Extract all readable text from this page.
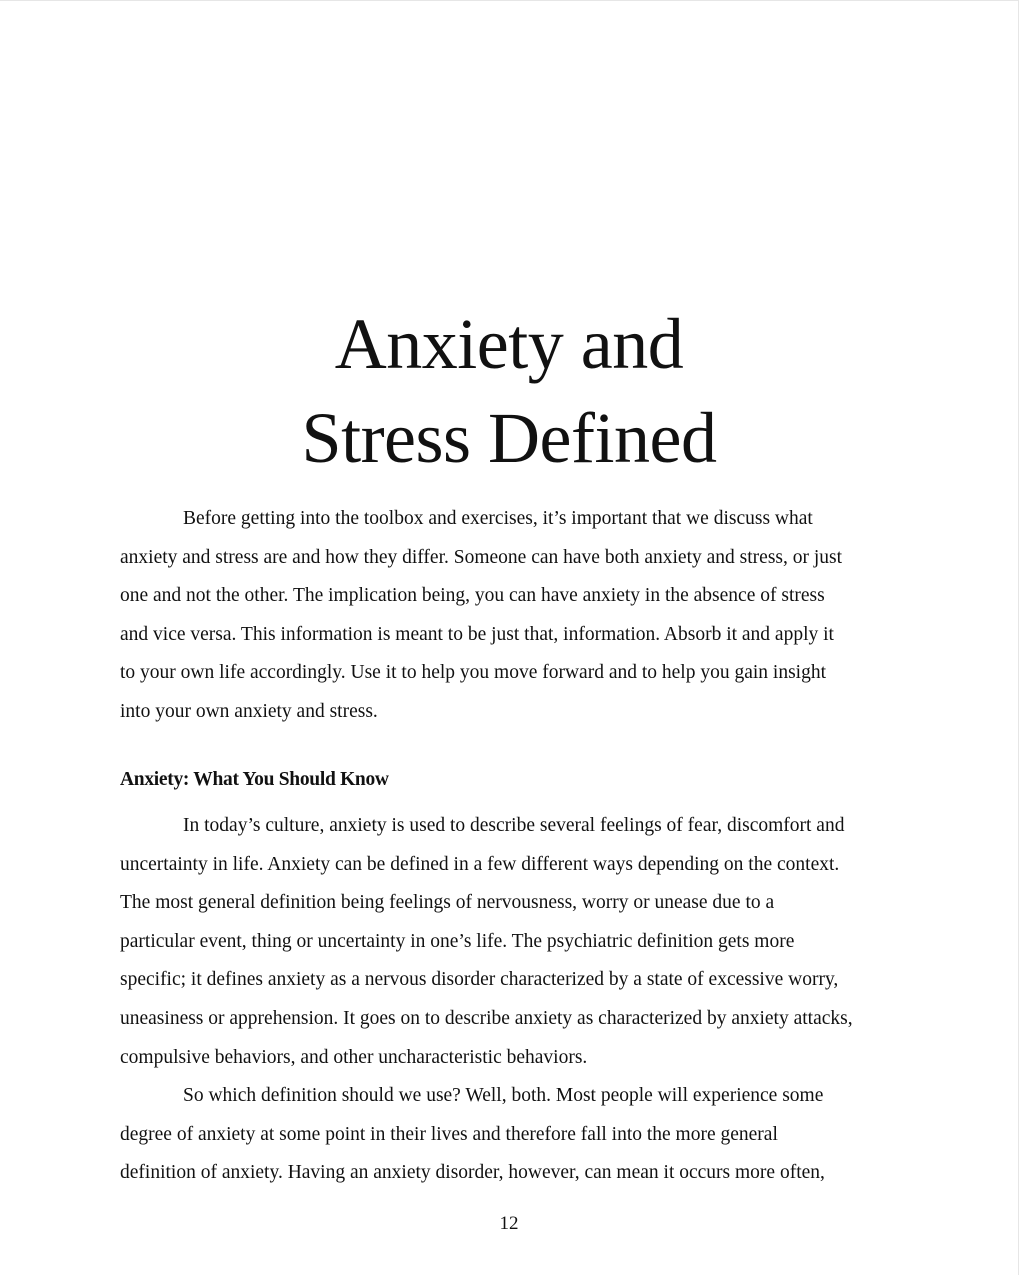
Anxiety and
Stress Defined

Before getting into the toolbox and exercises, it’s important that we discuss what
anxiety and stress are and how they differ. Someone can have both anxiety and stress, or just
one and not the other. The implication being, you can have anxiety in the absence of stress
and vice versa. This information is meant to be just that, information. Absorb it and apply it
to your own life accordingly. Use it to help you move forward and to help you gain insight
into your own anxiety and stress.

Anxiety: What You Should Know

In today’s culture, anxiety is used to describe several feelings of fear, discomfort and
uncertainty in life. Anxiety can be defined in a few different ways depending on the context.
The most general definition being feelings of nervousness, worry or unease due to a
particular event, thing or uncertainty in one’s life. The psychiatric definition gets more
specific; it defines anxiety as a nervous disorder characterized by a state of excessive worry,
uneasiness or apprehension. It goes on to describe anxiety as characterized by anxiety attacks,
compulsive behaviors, and other uncharacteristic behaviors.

So which definition should we use? Well, both. Most people will experience some
degree of anxiety at some point in their lives and therefore fall into the more general
definition of anxiety. Having an anxiety disorder, however, can mean it occurs more often,

12
